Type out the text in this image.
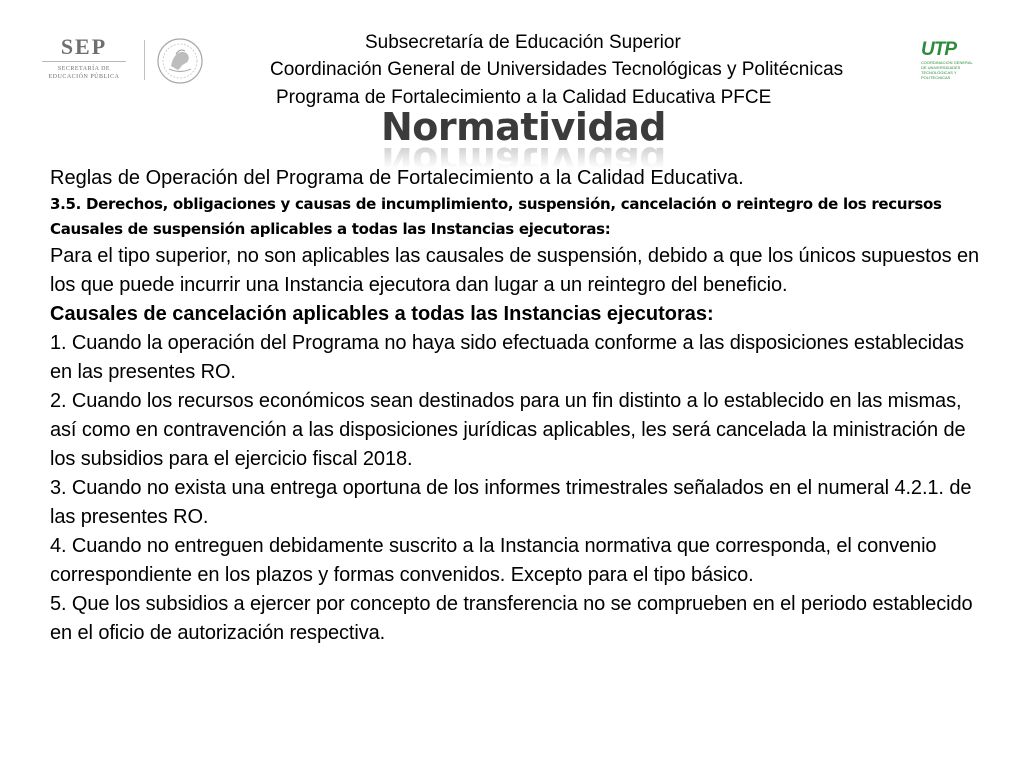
SEP
SECRETARÍA DE
EDUCACIÓN PÚBLICA
UTP
COORDINACIÓN GENERAL DE UNIVERSIDADES
TECNOLÓGICAS Y POLITÉCNICAS
Subsecretaría de Educación Superior
Coordinación General de Universidades Tecnológicas y Politécnicas
Programa de Fortalecimiento a la Calidad Educativa PFCE
Normatividad

Reglas de Operación del Programa de Fortalecimiento a la Calidad Educativa.

3.5. Derechos, obligaciones y causas de incumplimiento, suspensión, cancelación o reintegro de los recursos

Causales de suspensión aplicables a todas las Instancias ejecutoras:

Para el tipo superior, no son aplicables las causales de suspensión, debido a que los únicos supuestos en los que puede incurrir una Instancia ejecutora dan lugar a un reintegro del beneficio.

Causales de cancelación aplicables a todas las Instancias ejecutoras:

1. Cuando la operación del Programa no haya sido efectuada conforme a las disposiciones establecidas en las presentes RO.

2. Cuando los recursos económicos sean destinados para un fin distinto a lo establecido en las mismas, así como en contravención a las disposiciones jurídicas aplicables, les será cancelada la ministración de los subsidios para el ejercicio fiscal 2018.

3. Cuando no exista una entrega oportuna de los informes trimestrales señalados en el numeral 4.2.1. de las presentes RO.

4. Cuando no entreguen debidamente suscrito a la Instancia normativa que corresponda, el convenio correspondiente en los plazos y formas convenidos. Excepto para el tipo básico.

5. Que los subsidios a ejercer por concepto de transferencia no se comprueben en el periodo establecido en el oficio de autorización respectiva.
